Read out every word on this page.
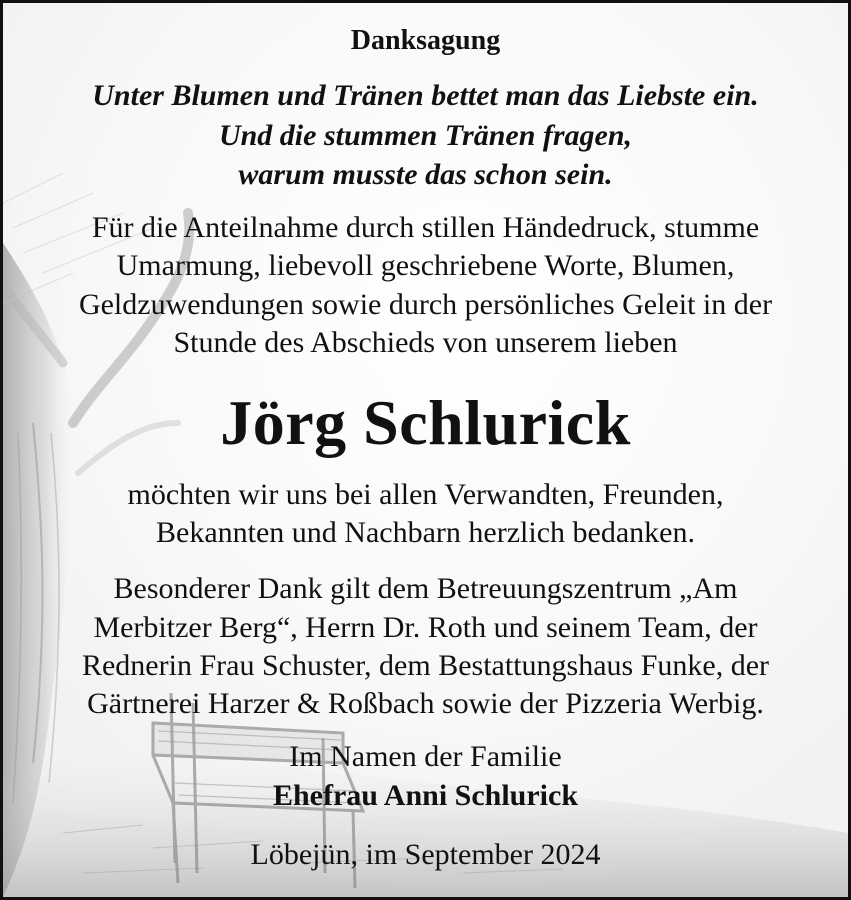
Danksagung
Unter Blumen und Tränen bettet man das Liebste ein.
Und die stummen Tränen fragen,
warum musste das schon sein.
Für die Anteilnahme durch stillen Händedruck, stumme
Umarmung, liebevoll geschriebene Worte, Blumen,
Geldzuwendungen sowie durch persönliches Geleit in der
Stunde des Abschieds von unserem lieben
Jörg Schlurick
möchten wir uns bei allen Verwandten, Freunden,
Bekannten und Nachbarn herzlich bedanken.
Besonderer Dank gilt dem Betreuungszentrum „Am
Merbitzer Berg“, Herrn Dr. Roth und seinem Team, der
Rednerin Frau Schuster, dem Bestattungshaus Funke, der
Gärtnerei Harzer & Roßbach sowie der Pizzeria Werbig.
Im Namen der Familie
Ehefrau Anni Schlurick
Löbejün, im September 2024
